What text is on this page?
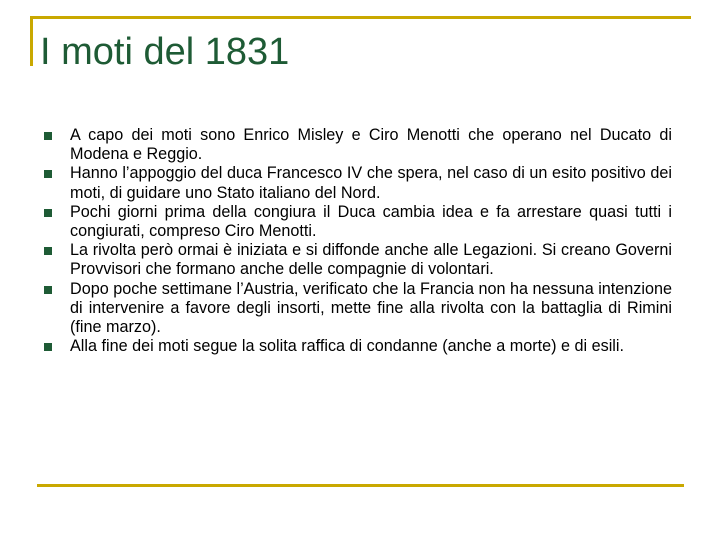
I moti del 1831
A capo dei moti sono Enrico Misley e Ciro Menotti che operano nel Ducato di Modena e Reggio.
Hanno l’appoggio del duca Francesco IV che spera, nel caso di un esito positivo dei moti, di guidare uno Stato italiano del Nord.
Pochi giorni prima della congiura il Duca cambia idea e fa arrestare quasi tutti i congiurati, compreso Ciro Menotti.
La rivolta però ormai è iniziata e si diffonde anche alle Legazioni. Si creano Governi Provvisori che formano anche delle compagnie di volontari.
Dopo poche settimane l’Austria, verificato che la Francia non ha nessuna intenzione di intervenire a favore degli insorti, mette fine alla rivolta con la battaglia di Rimini (fine marzo).
Alla fine dei moti segue la solita raffica di condanne (anche a morte) e di esili.
